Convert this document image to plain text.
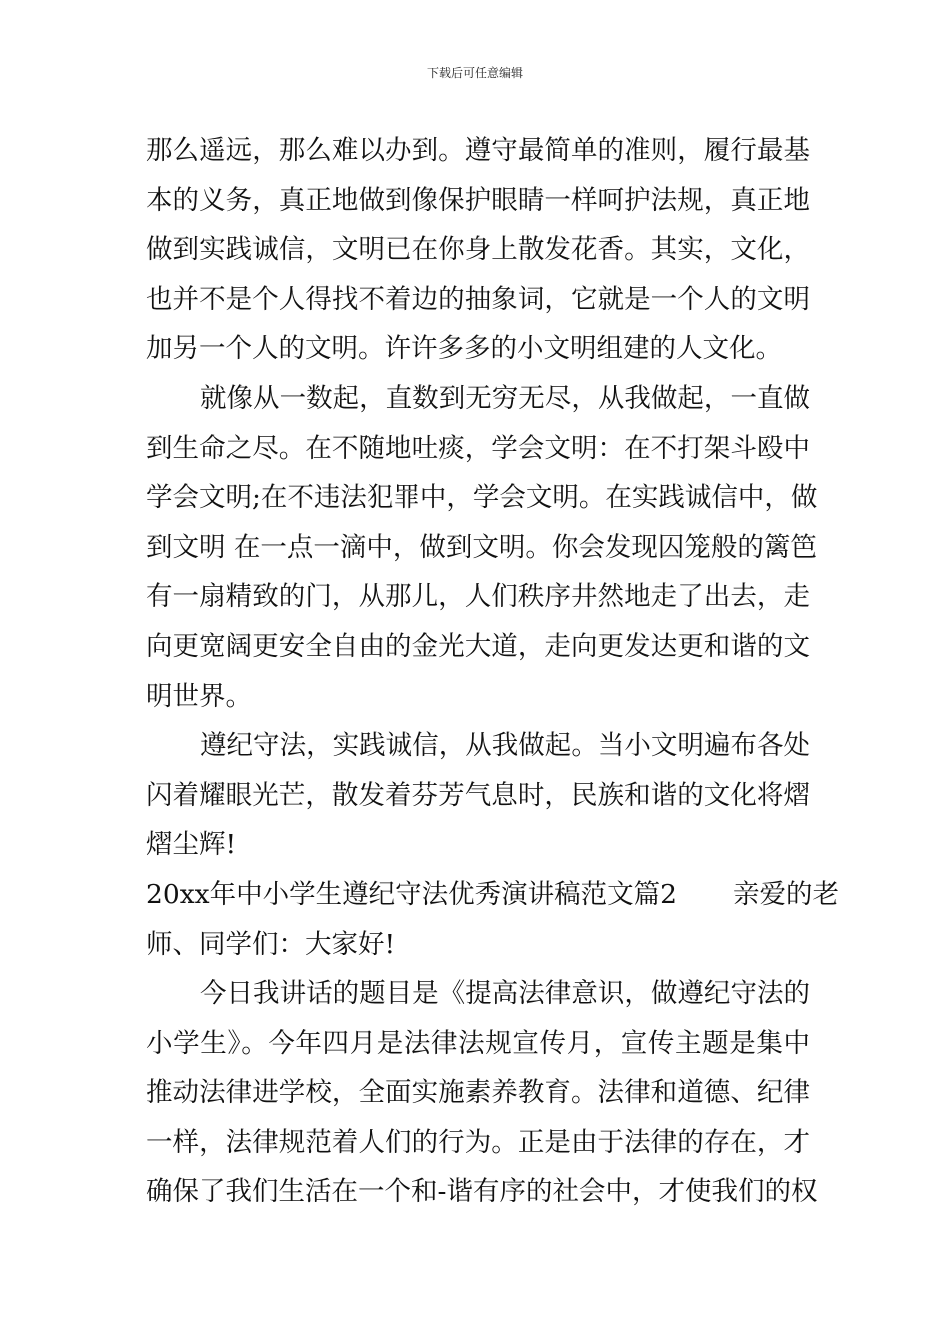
下载后可任意编辑
那么遥远，那么难以办到。遵守最简单的准则，履行最基
本的义务，真正地做到像保护眼睛一样呵护法规，真正地
做到实践诚信，文明已在你身上散发花香。其实，文化，
也并不是个人得找不着边的抽象词，它就是一个人的文明
加另一个人的文明。许许多多的小文明组建的人文化。
就像从一数起，直数到无穷无尽，从我做起，一直做
到生命之尽。在不随地吐痰，学会文明：在不打架斗殴中
学会文明;在不违法犯罪中，学会文明。在实践诚信中，做
到文明 在一点一滴中，做到文明。你会发现囚笼般的篱笆
有一扇精致的门，从那儿，人们秩序井然地走了出去，走
向更宽阔更安全自由的金光大道，走向更发达更和谐的文
明世界。
遵纪守法，实践诚信，从我做起。当小文明遍布各处
闪着耀眼光芒，散发着芬芳气息时，民族和谐的文化将熠
熠尘辉!
20xx年中小学生遵纪守法优秀演讲稿范文篇2 亲爱的老
师、同学们：大家好!
今日我讲话的题目是《提高法律意识，做遵纪守法的
小学生》。今年四月是法律法规宣传月，宣传主题是集中
推动法律进学校，全面实施素养教育。法律和道德、纪律
一样，法律规范着人们的行为。正是由于法律的存在，才
确保了我们生活在一个和-谐有序的社会中，才使我们的权
